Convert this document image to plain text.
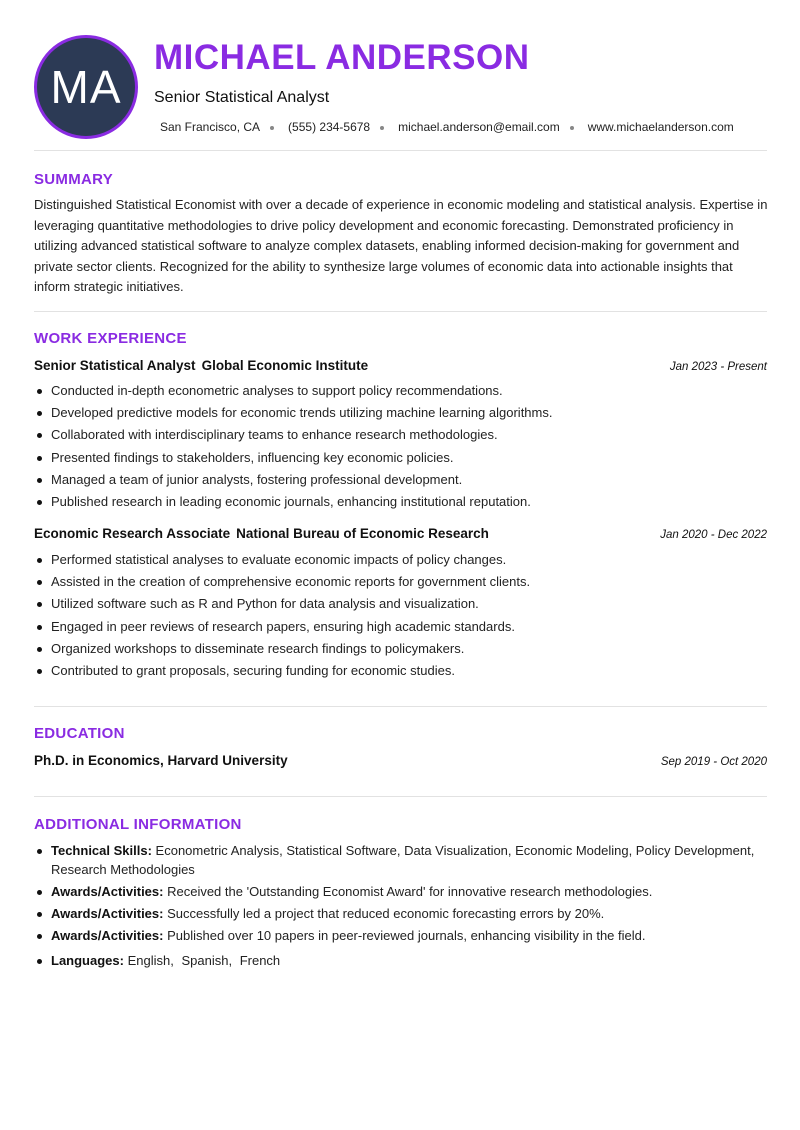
MA
MICHAEL ANDERSON
Senior Statistical Analyst
San Francisco, CA (555) 234-5678 michael.anderson@email.com www.michaelanderson.com
SUMMARY

Distinguished Statistical Economist with over a decade of experience in economic modeling and statistical analysis. Expertise in leveraging quantitative methodologies to drive policy development and economic forecasting. Demonstrated proficiency in utilizing advanced statistical software to analyze complex datasets, enabling informed decision-making for government and private sector clients. Recognized for the ability to synthesize large volumes of economic data into actionable insights that inform strategic initiatives.

WORK EXPERIENCE
Senior Statistical Analyst Global Economic Institute	Jan 2023 - Present
Conducted in-depth econometric analyses to support policy recommendations.
Developed predictive models for economic trends utilizing machine learning algorithms.
Collaborated with interdisciplinary teams to enhance research methodologies.
Presented findings to stakeholders, influencing key economic policies.
Managed a team of junior analysts, fostering professional development.
Published research in leading economic journals, enhancing institutional reputation.
Economic Research Associate National Bureau of Economic Research	Jan 2020 - Dec 2022
Performed statistical analyses to evaluate economic impacts of policy changes.
Assisted in the creation of comprehensive economic reports for government clients.
Utilized software such as R and Python for data analysis and visualization.
Engaged in peer reviews of research papers, ensuring high academic standards.
Organized workshops to disseminate research findings to policymakers.
Contributed to grant proposals, securing funding for economic studies.
EDUCATION
Ph.D. in Economics, Harvard University	Sep 2019 - Oct 2020
ADDITIONAL INFORMATION
Technical Skills: Econometric Analysis, Statistical Software, Data Visualization, Economic Modeling, Policy Development, Research Methodologies
Awards/Activities: Received the 'Outstanding Economist Award' for innovative research methodologies.
Awards/Activities: Successfully led a project that reduced economic forecasting errors by 20%.
Awards/Activities: Published over 10 papers in peer-reviewed journals, enhancing visibility in the field.
Languages: English, Spanish, French
